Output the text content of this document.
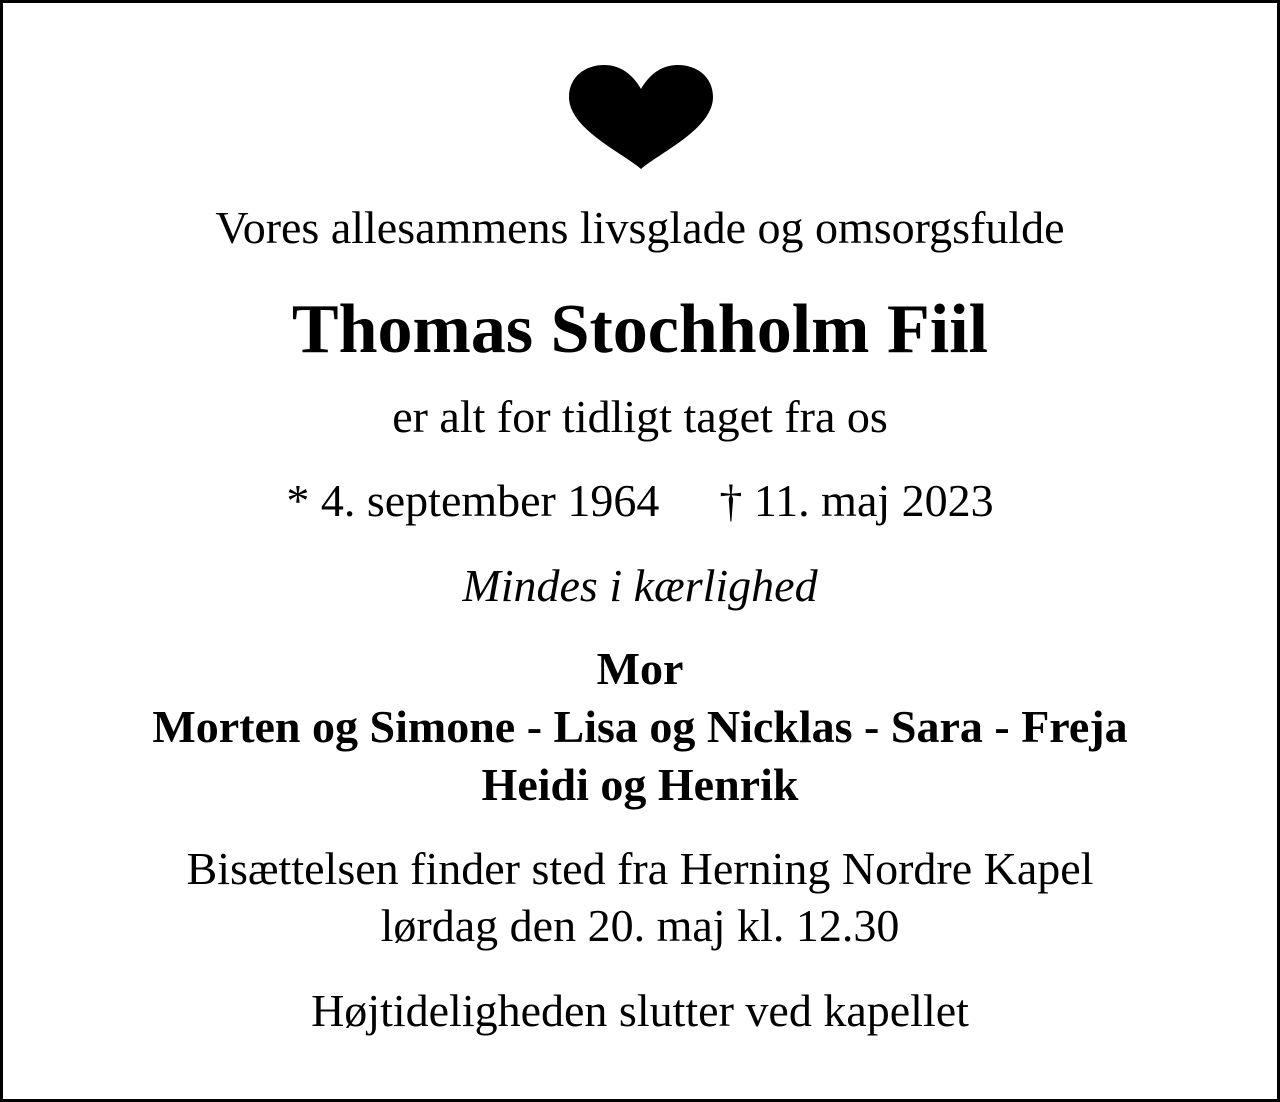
Vores allesammens livsglade og omsorgsfulde
Thomas Stochholm Fiil
er alt for tidligt taget fra os
* 4. september 1964 † 11. maj 2023
Mindes i kærlighed
Mor
Morten og Simone - Lisa og Nicklas - Sara - Freja
Heidi og Henrik
Bisættelsen finder sted fra Herning Nordre Kapel
lørdag den 20. maj kl. 12.30
Højtideligheden slutter ved kapellet
